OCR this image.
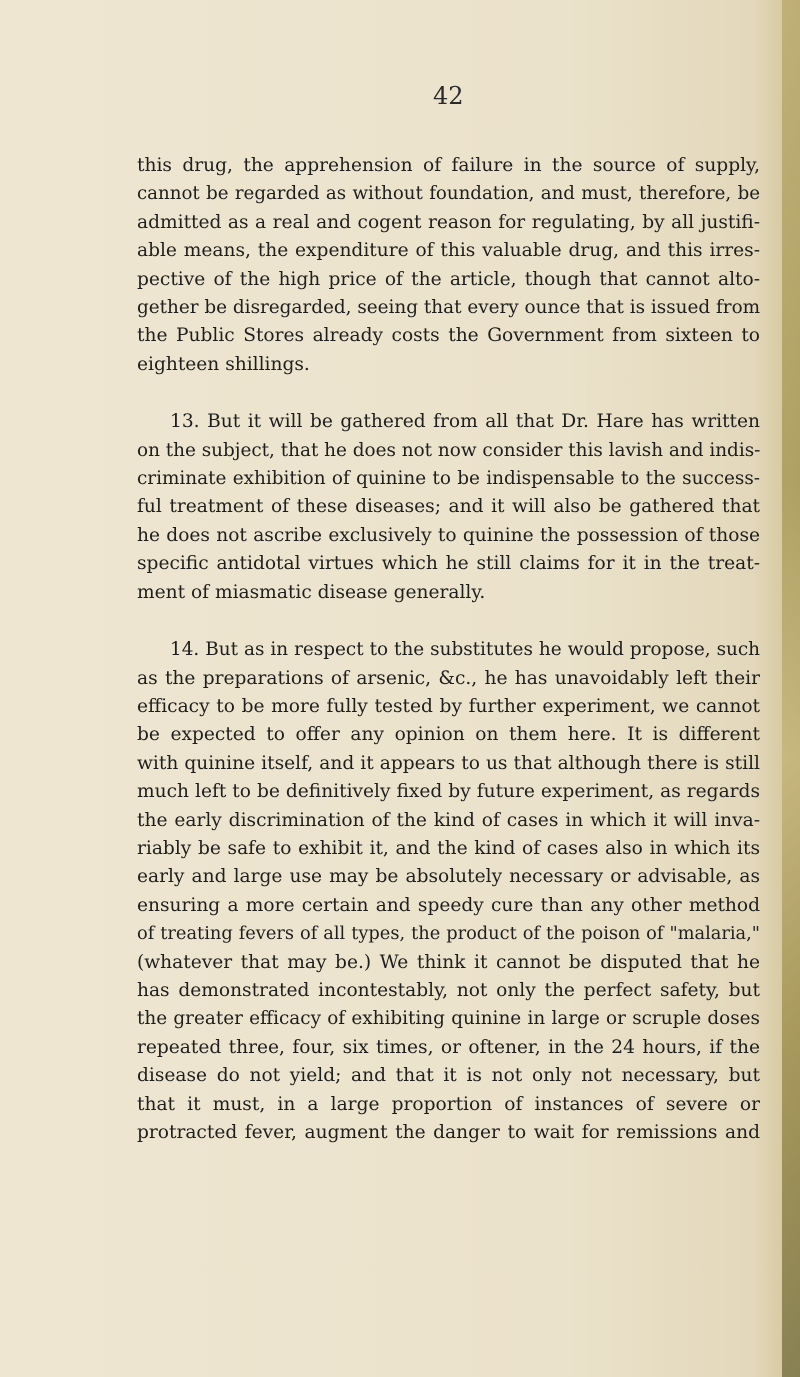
42

this drug, the apprehension of failure in the source of supply,
cannot be regarded as without foundation, and must, therefore, be
admitted as a real and cogent reason for regulating, by all justifi-
able means, the expenditure of this valuable drug, and this irres-
pective of the high price of the article, though that cannot alto-
gether be disregarded, seeing that every ounce that is issued from
the Public Stores already costs the Government from sixteen to
eighteen shillings.

13. But it will be gathered from all that Dr. Hare has written
on the subject, that he does not now consider this lavish and indis-
criminate exhibition of quinine to be indispensable to the success-
ful treatment of these diseases; and it will also be gathered that
he does not ascribe exclusively to quinine the possession of those
specific antidotal virtues which he still claims for it in the treat-
ment of miasmatic disease generally.

14. But as in respect to the substitutes he would propose, such
as the preparations of arsenic, &c., he has unavoidably left their
efficacy to be more fully tested by further experiment, we cannot
be expected to offer any opinion on them here. It is different
with quinine itself, and it appears to us that although there is still
much left to be definitively fixed by future experiment, as regards
the early discrimination of the kind of cases in which it will inva-
riably be safe to exhibit it, and the kind of cases also in which its
early and large use may be absolutely necessary or advisable, as
ensuring a more certain and speedy cure than any other method
of treating fevers of all types, the product of the poison of "malaria,"
(whatever that may be.) We think it cannot be disputed that he
has demonstrated incontestably, not only the perfect safety, but
the greater efficacy of exhibiting quinine in large or scruple doses
repeated three, four, six times, or oftener, in the 24 hours, if the
disease do not yield; and that it is not only not necessary, but
that it must, in a large proportion of instances of severe or
protracted fever, augment the danger to wait for remissions and
